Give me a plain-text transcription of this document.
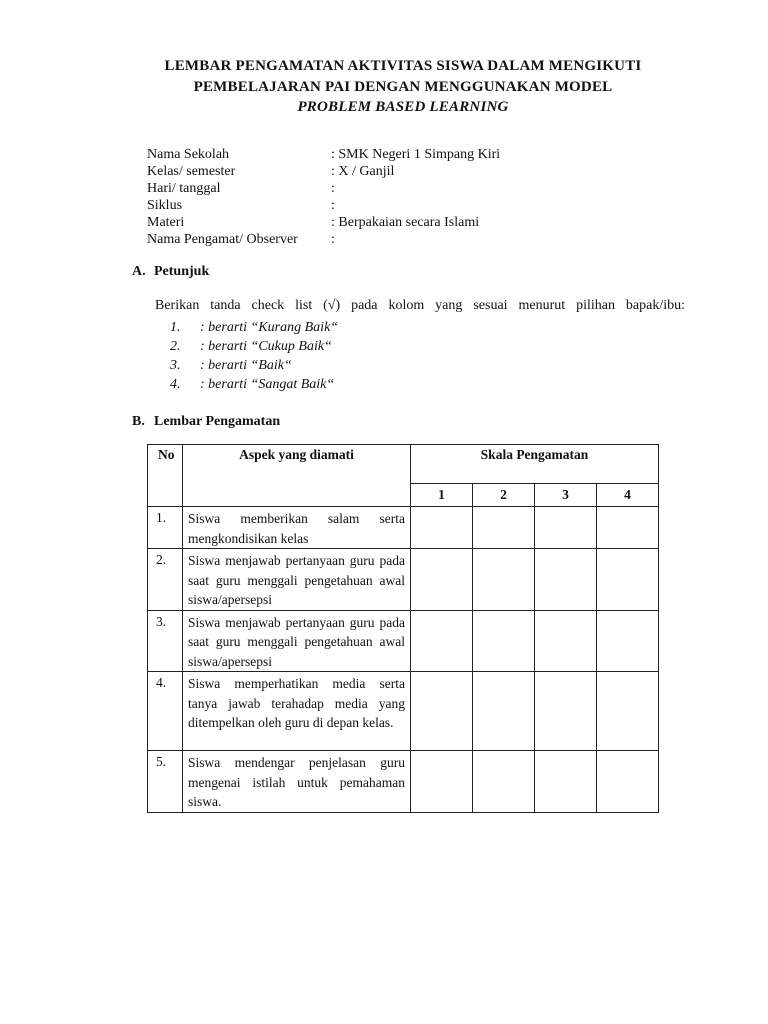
LEMBAR PENGAMATAN AKTIVITAS SISWA DALAM MENGIKUTI
PEMBELAJARAN PAI DENGAN MENGGUNAKAN MODEL
PROBLEM BASED LEARNING
Nama Sekolah	: SMK Negeri 1 Simpang Kiri
Kelas/ semester	: X / Ganjil
Hari/ tanggal	:
Siklus	:
Materi	: Berpakaian secara Islami
Nama Pengamat/ Observer :
A. Petunjuk
Berikan tanda check list (√) pada kolom yang sesuai menurut pilihan bapak/ibu:
1. : berarti “Kurang Baik“
2. : berarti “Cukup Baik“
3. : berarti “Baik“
4. : berarti “Sangat Baik“
B. Lembar Pengamatan
No	Aspek yang diamati	Skala Pengamatan			
		1	2	3	4
1.	Siswa memberikan salam serta mengkondisikan kelas				
2.	Siswa menjawab pertanyaan guru pada saat guru menggali pengetahuan awal siswa/apersepsi				
3.	Siswa menjawab pertanyaan guru pada saat guru menggali pengetahuan awal siswa/apersepsi				
4.	Siswa memperhatikan media serta tanya jawab terahadap media yang ditempelkan oleh guru di depan kelas.				
5.	Siswa mendengar penjelasan guru mengenai istilah untuk pemahaman siswa.				
